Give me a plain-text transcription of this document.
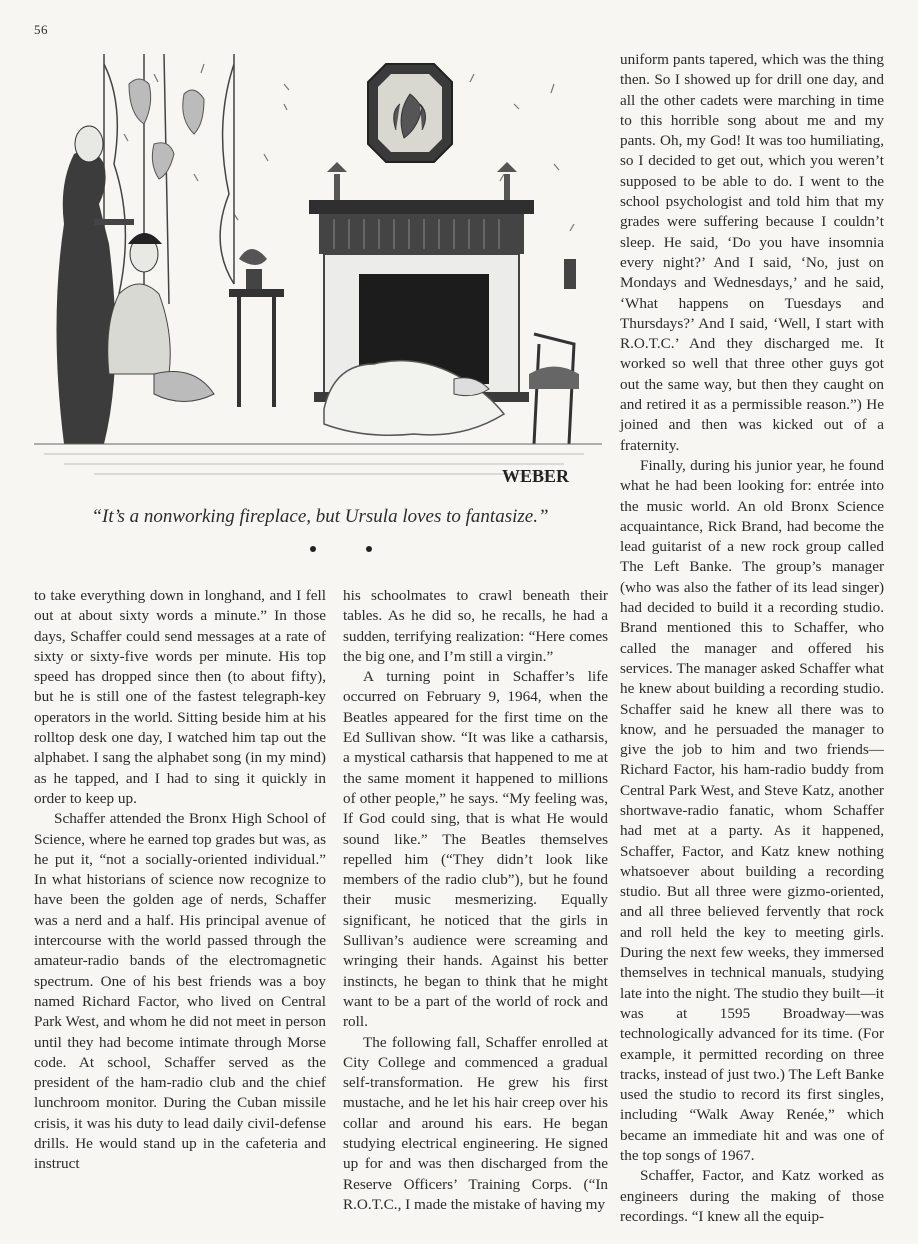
56
WEBER
“It’s a nonworking fireplace, but Ursula loves to fantasize.”

to take everything down in longhand, and I fell out at about sixty words a minute.” In those days, Schaffer could send messages at a rate of sixty or sixty-five words per minute. His top speed has dropped since then (to about fifty), but he is still one of the fastest telegraph-key operators in the world. Sitting beside him at his rolltop desk one day, I watched him tap out the alphabet. I sang the alphabet song (in my mind) as he tapped, and I had to sing it quickly in order to keep up.

Schaffer attended the Bronx High School of Science, where he earned top grades but was, as he put it, “not a socially-oriented individual.” In what historians of science now recognize to have been the golden age of nerds, Schaffer was a nerd and a half. His principal avenue of intercourse with the world passed through the amateur-radio bands of the electromagnetic spectrum. One of his best friends was a boy named Richard Factor, who lived on Central Park West, and whom he did not meet in person until they had become intimate through Morse code. At school, Schaffer served as the president of the ham-radio club and the chief lunchroom monitor. During the Cuban missile crisis, it was his duty to lead daily civil-defense drills. He would stand up in the cafeteria and instruct

his schoolmates to crawl beneath their tables. As he did so, he recalls, he had a sudden, terrifying realization: “Here comes the big one, and I’m still a virgin.”

A turning point in Schaffer’s life occurred on February 9, 1964, when the Beatles appeared for the first time on the Ed Sullivan show. “It was like a catharsis, a mystical catharsis that happened to me at the same moment it happened to millions of other people,” he says. “My feeling was, If God could sing, that is what He would sound like.” The Beatles themselves repelled him (“They didn’t look like members of the radio club”), but he found their music mesmerizing. Equally significant, he noticed that the girls in Sullivan’s audience were screaming and wringing their hands. Against his better instincts, he began to think that he might want to be a part of the world of rock and roll.

The following fall, Schaffer enrolled at City College and commenced a gradual self-transformation. He grew his first mustache, and he let his hair creep over his collar and around his ears. He began studying electrical engineering. He signed up for and was then discharged from the Reserve Officers’ Training Corps. (“In R.O.T.C., I made the mistake of having my

uniform pants tapered, which was the thing then. So I showed up for drill one day, and all the other cadets were marching in time to this horrible song about me and my pants. Oh, my God! It was too humiliating, so I decided to get out, which you weren’t supposed to be able to do. I went to the school psychologist and told him that my grades were suffering because I couldn’t sleep. He said, ‘Do you have insomnia every night?’ And I said, ‘No, just on Mondays and Wednesdays,’ and he said, ‘What happens on Tuesdays and Thursdays?’ And I said, ‘Well, I start with R.O.T.C.’ And they discharged me. It worked so well that three other guys got out the same way, but then they caught on and retired it as a permissible reason.”) He joined and then was kicked out of a fraternity.

Finally, during his junior year, he found what he had been looking for: entrée into the music world. An old Bronx Science acquaintance, Rick Brand, had become the lead guitarist of a new rock group called The Left Banke. The group’s manager (who was also the father of its lead singer) had decided to build it a recording studio. Brand mentioned this to Schaffer, who called the manager and offered his services. The manager asked Schaffer what he knew about building a recording studio. Schaffer said he knew all there was to know, and he persuaded the manager to give the job to him and two friends—Richard Factor, his ham-radio buddy from Central Park West, and Steve Katz, another shortwave-radio fanatic, whom Schaffer had met at a party. As it happened, Schaffer, Factor, and Katz knew nothing whatsoever about building a recording studio. But all three were gizmo-oriented, and all three believed fervently that rock and roll held the key to meeting girls. During the next few weeks, they immersed themselves in technical manuals, studying late into the night. The studio they built—it was at 1595 Broadway—was technologically advanced for its time. (For example, it permitted recording on three tracks, instead of just two.) The Left Banke used the studio to record its first singles, including “Walk Away Renée,” which became an immediate hit and was one of the top songs of 1967.

Schaffer, Factor, and Katz worked as engineers during the making of those recordings. “I knew all the equip-
